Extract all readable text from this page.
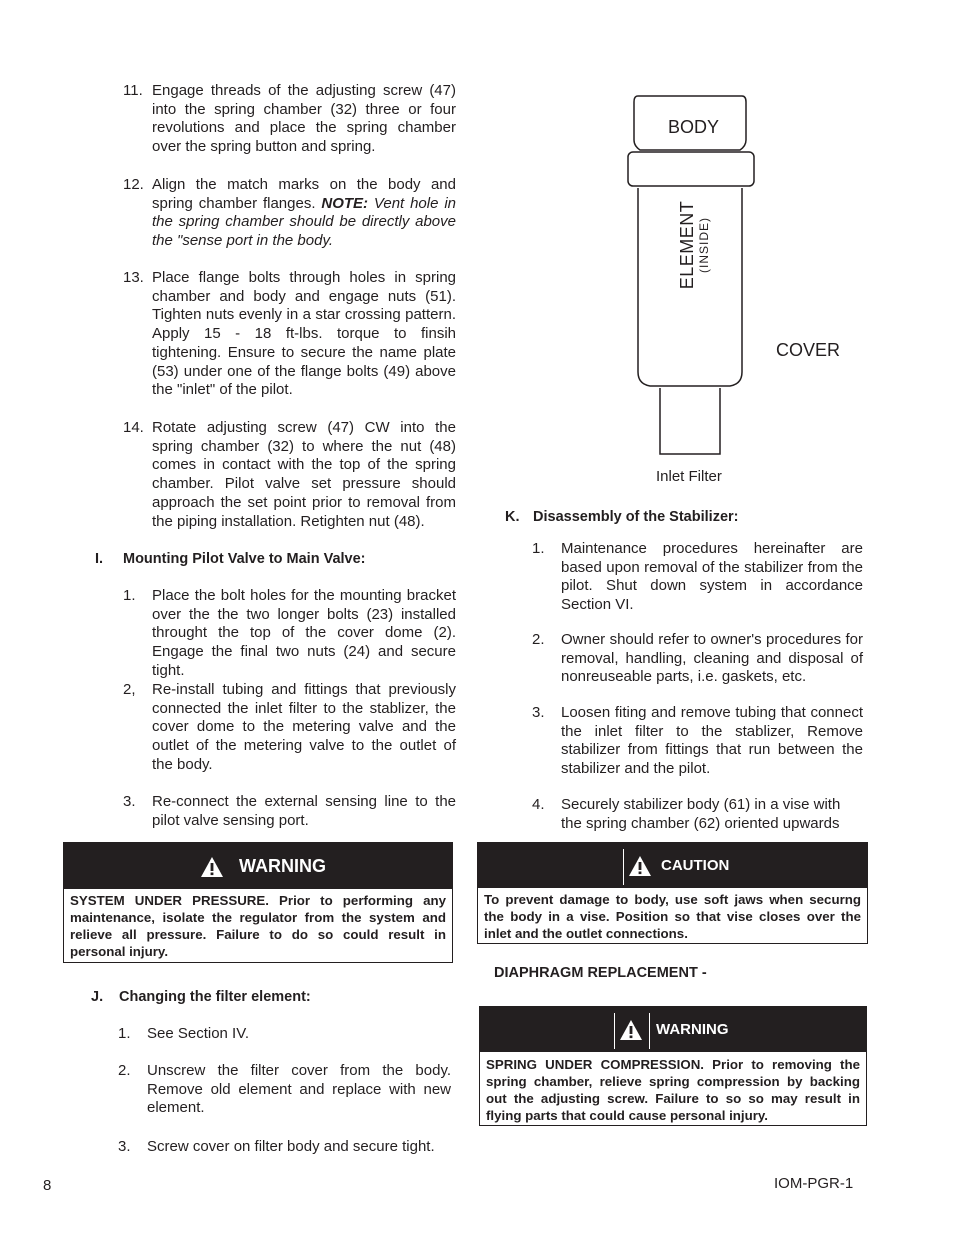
11. Engage threads of the adjusting screw (47) into the spring chamber (32) three or four revolutions and place the spring chamber over the spring button and spring.
12. Align the match marks on the body and spring chamber flanges. NOTE: Vent hole in the spring chamber should be directly above the "sense port in the body.
13. Place flange bolts through holes in spring chamber and body and engage nuts (51). Tighten nuts evenly in a star crossing pattern. Apply 15 - 18 ft-lbs. torque to finsih tightening. Ensure to secure the name plate (53) under one of the flange bolts (49) above the "inlet" of the pilot.
14. Rotate adjusting screw (47) CW into the spring chamber (32) to where the nut (48) comes in contact with the top of the spring chamber. Pilot valve set pressure should approach the set point prior to removal from the piping installation. Retighten nut (48).
I. Mounting Pilot Valve to Main Valve:
1. Place the bolt holes for the mounting bracket over the the two longer bolts (23) installed throught the top of the cover dome (2). Engage the final two nuts (24) and secure tight.
2, Re-install tubing and fittings that previously connected the inlet filter to the stablizer, the cover dome to the metering valve and the outlet of the metering valve to the outlet of the body.
3. Re-connect the external sensing line to the pilot valve sensing port.
WARNING
SYSTEM UNDER PRESSURE. Prior to performing any maintenance, isolate the regulator from the system and relieve all pressure. Failure to do so could result in personal injury.
J. Changing the filter element:
1. See Section IV.
2. Unscrew the filter cover from the body. Remove old element and replace with new element.
3. Screw cover on filter body and secure tight.
BODY
ELEMENT (INSIDE)
COVER
Inlet Filter
K. Disassembly of the Stabilizer:
1. Maintenance procedures hereinafter are based upon removal of the stabilizer from the pilot. Shut down system in accordance Section VI.
2. Owner should refer to owner's procedures for removal, handling, cleaning and disposal of nonreuseable parts, i.e. gaskets, etc.
3. Loosen fiting and remove tubing that connect the inlet filter to the stablizer, Remove stabilizer from fittings that run between the stabilizer and the pilot.
4. Securely stabilizer body (61) in a vise with the spring chamber (62) oriented upwards
CAUTION
To prevent damage to body, use soft jaws when securng the body in a vise. Position so that vise closes over the inlet and the outlet connections.
DIAPHRAGM REPLACEMENT -
WARNING
SPRING UNDER COMPRESSION. Prior to removing the spring chamber, relieve spring compression by backing out the adjusting screw. Failure to so so may result in flying parts that could cause personal injury.
8	IOM-PGR-1
